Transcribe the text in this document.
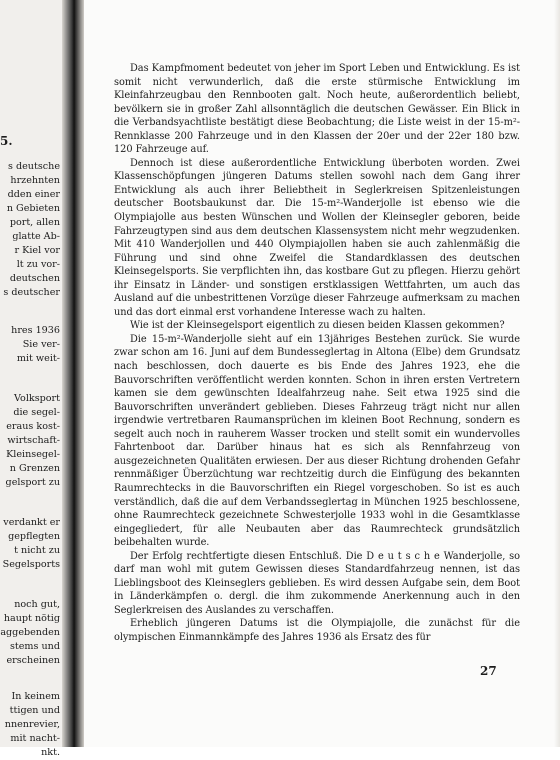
5.
s deutsche
hrzehnten
dden einer
n Gebieten
port, allen
glatte Ab-
r Kiel vor
lt zu vor-
deutschen
s deutscher
hres 1936
Sie ver-
mit weit-
Volksport
die segel-
eraus kost-
wirtschaft-
Kleinsegel-
n Grenzen
gelsport zu
verdankt er
gepflegten
t nicht zu
Segelsports
noch gut,
haupt nötig
aggebenden
stems und
erscheinen
In keinem
ttigen und
nnenrevier,
mit nacht-
nkt.

Das Kampfmoment bedeutet von jeher im Sport Leben und Entwicklung. Es ist somit nicht verwunderlich, daß die erste stürmische Entwicklung im Kleinfahrzeugbau den Rennbooten galt. Noch heute, außerordentlich beliebt, bevölkern sie in großer Zahl allsonntäglich die deutschen Gewässer. Ein Blick in die Verbandsyachtliste bestätigt diese Beobachtung; die Liste weist in der 15-m²-Rennklasse 200 Fahrzeuge und in den Klassen der 20er und der 22er 180 bzw. 120 Fahrzeuge auf.

Dennoch ist diese außerordentliche Entwicklung überboten worden. Zwei Klassenschöpfungen jüngeren Datums stellen sowohl nach dem Gang ihrer Entwicklung als auch ihrer Beliebtheit in Seglerkreisen Spitzenleistungen deutscher Bootsbaukunst dar. Die 15-m²-Wanderjolle ist ebenso wie die Olympiajolle aus besten Wünschen und Wollen der Kleinsegler geboren, beide Fahrzeugtypen sind aus dem deutschen Klassensystem nicht mehr wegzudenken. Mit 410 Wanderjollen und 440 Olympiajollen haben sie auch zahlenmäßig die Führung und sind ohne Zweifel die Standardklassen des deutschen Kleinsegelsports. Sie verpflichten ihn, das kostbare Gut zu pflegen. Hierzu gehört ihr Einsatz in Länder- und sonstigen erstklassigen Wettfahrten, um auch das Ausland auf die unbestrittenen Vorzüge dieser Fahrzeuge aufmerksam zu machen und das dort einmal erst vorhandene Interesse wach zu halten.

Wie ist der Kleinsegelsport eigentlich zu diesen beiden Klassen gekommen?

Die 15-m²-Wanderjolle sieht auf ein 13jähriges Bestehen zurück. Sie wurde zwar schon am 16. Juni auf dem Bundesseglertag in Altona (Elbe) dem Grundsatz nach beschlossen, doch dauerte es bis Ende des Jahres 1923, ehe die Bauvorschriften veröffentlicht werden konnten. Schon in ihren ersten Vertretern kamen sie dem gewünschten Idealfahrzeug nahe. Seit etwa 1925 sind die Bauvorschriften unverändert geblieben. Dieses Fahrzeug trägt nicht nur allen irgendwie vertretbaren Raumansprüchen im kleinen Boot Rechnung, sondern es segelt auch noch in rauherem Wasser trocken und stellt somit ein wundervolles Fahrtenboot dar. Darüber hinaus hat es sich als Rennfahrzeug von ausgezeichneten Qualitäten erwiesen. Der aus dieser Richtung drohenden Gefahr rennmäßiger Überzüchtung war rechtzeitig durch die Einfügung des bekannten Raumrechtecks in die Bauvorschriften ein Riegel vorgeschoben. So ist es auch verständlich, daß die auf dem Verbandsseglertag in München 1925 beschlossene, ohne Raumrechteck gezeichnete Schwesterjolle 1933 wohl in die Gesamtklasse eingegliedert, für alle Neubauten aber das Raumrechteck grundsätzlich beibehalten wurde.

Der Erfolg rechtfertigte diesen Entschluß. Die D e u t s c h e Wanderjolle, so darf man wohl mit gutem Gewissen dieses Standardfahrzeug nennen, ist das Lieblingsboot des Kleinseglers geblieben. Es wird dessen Aufgabe sein, dem Boot in Länderkämpfen o. dergl. die ihm zukommende Anerkennung auch in den Seglerkreisen des Auslandes zu verschaffen.

Erheblich jüngeren Datums ist die Olympiajolle, die zunächst für die olympischen Einmannkämpfe des Jahres 1936 als Ersatz des für

27
